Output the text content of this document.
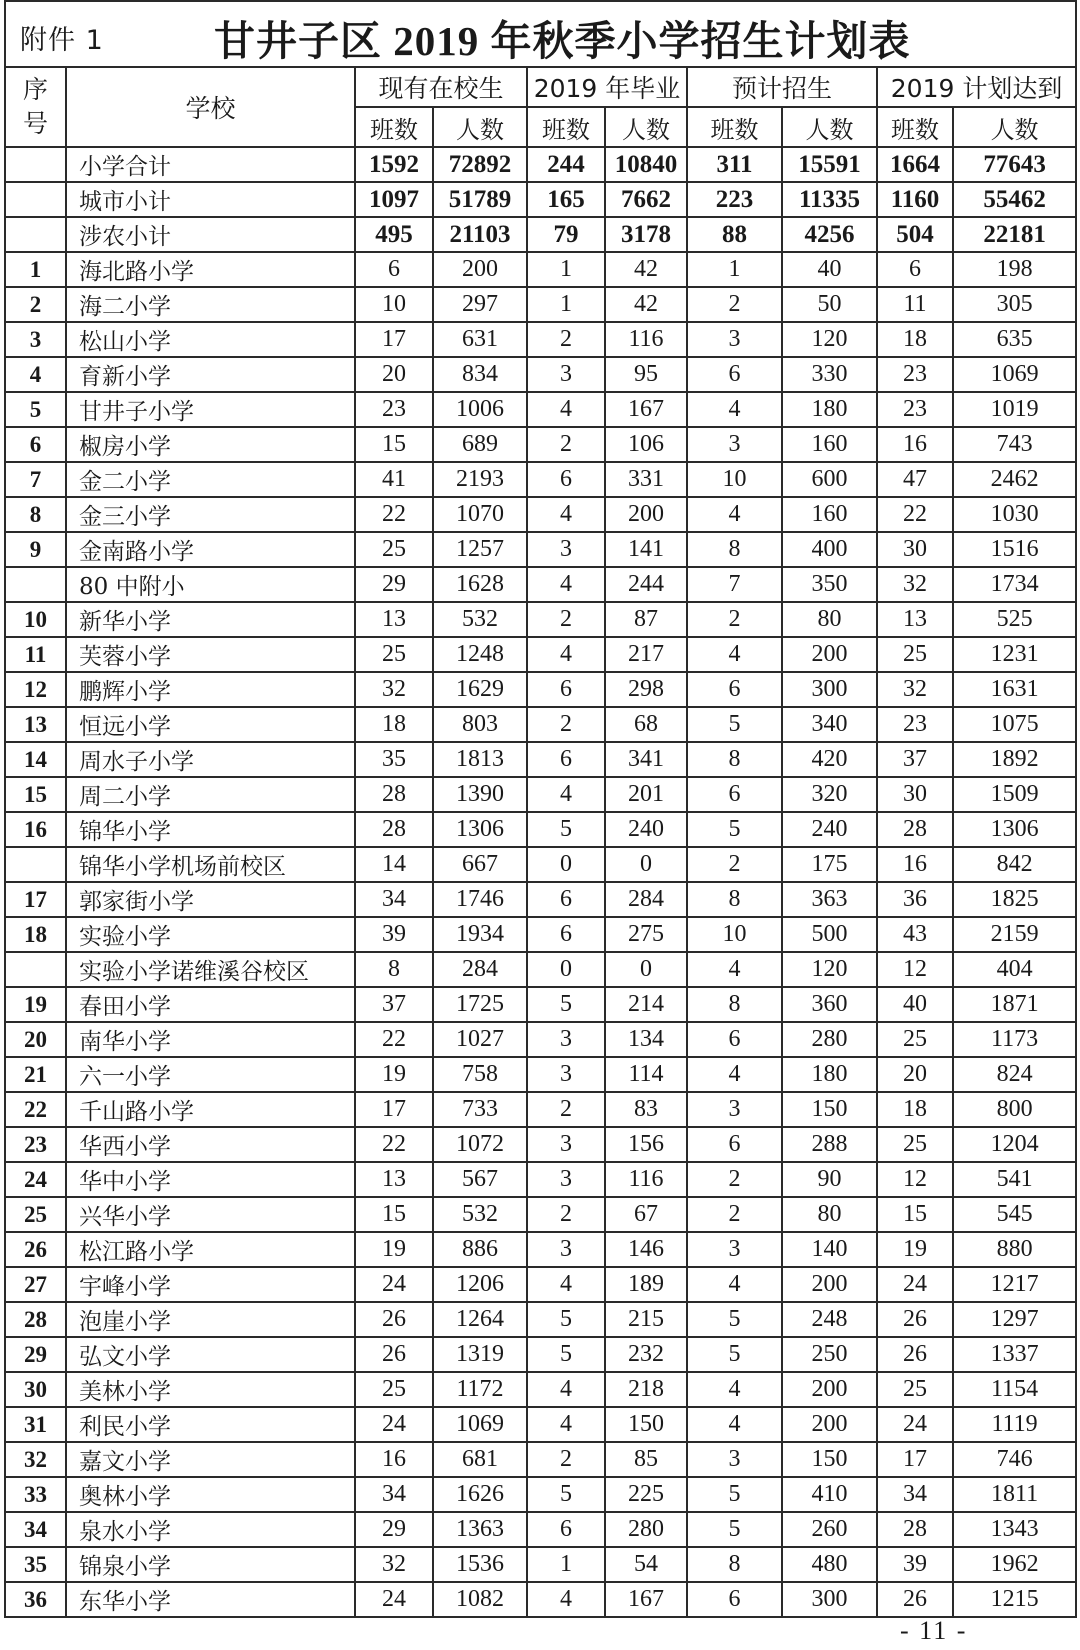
附件 1 甘井子区 2019 年秋季小学招生计划表									

序
号	学校	现有在校生		2019 年毕业		预计招生		2019 计划达到	
		班数	人数	班数	人数	班数	人数	班数	人数
	小学合计	1592	72892	244	10840	311	15591	1664	77643
	城市小计	1097	51789	165	7662	223	11335	1160	55462
	涉农小计	495	21103	79	3178	88	4256	504	22181
1	海北路小学	6	200	1	42	1	40	6	198
2	海二小学	10	297	1	42	2	50	11	305
3	松山小学	17	631	2	116	3	120	18	635
4	育新小学	20	834	3	95	6	330	23	1069
5	甘井子小学	23	1006	4	167	4	180	23	1019
6	椒房小学	15	689	2	106	3	160	16	743
7	金二小学	41	2193	6	331	10	600	47	2462
8	金三小学	22	1070	4	200	4	160	22	1030
9	金南路小学	25	1257	3	141	8	400	30	1516
	80 中附小	29	1628	4	244	7	350	32	1734
10	新华小学	13	532	2	87	2	80	13	525
11	芙蓉小学	25	1248	4	217	4	200	25	1231
12	鹏辉小学	32	1629	6	298	6	300	32	1631
13	恒远小学	18	803	2	68	5	340	23	1075
14	周水子小学	35	1813	6	341	8	420	37	1892
15	周二小学	28	1390	4	201	6	320	30	1509
16	锦华小学	28	1306	5	240	5	240	28	1306
	锦华小学机场前校区	14	667	0	0	2	175	16	842
17	郭家街小学	34	1746	6	284	8	363	36	1825
18	实验小学	39	1934	6	275	10	500	43	2159
	实验小学诺维溪谷校区	8	284	0	0	4	120	12	404
19	春田小学	37	1725	5	214	8	360	40	1871
20	南华小学	22	1027	3	134	6	280	25	1173
21	六一小学	19	758	3	114	4	180	20	824
22	千山路小学	17	733	2	83	3	150	18	800
23	华西小学	22	1072	3	156	6	288	25	1204
24	华中小学	13	567	3	116	2	90	12	541
25	兴华小学	15	532	2	67	2	80	15	545
26	松江路小学	19	886	3	146	3	140	19	880
27	宇峰小学	24	1206	4	189	4	200	24	1217
28	泡崖小学	26	1264	5	215	5	248	26	1297
29	弘文小学	26	1319	5	232	5	250	26	1337
30	美林小学	25	1172	4	218	4	200	25	1154
31	利民小学	24	1069	4	150	4	200	24	1119
32	嘉文小学	16	681	2	85	3	150	17	746
33	奥林小学	34	1626	5	225	5	410	34	1811
34	泉水小学	29	1363	6	280	5	260	28	1343
35	锦泉小学	32	1536	1	54	8	480	39	1962
36	东华小学	24	1082	4	167	6	300	26	1215
- 11 -
